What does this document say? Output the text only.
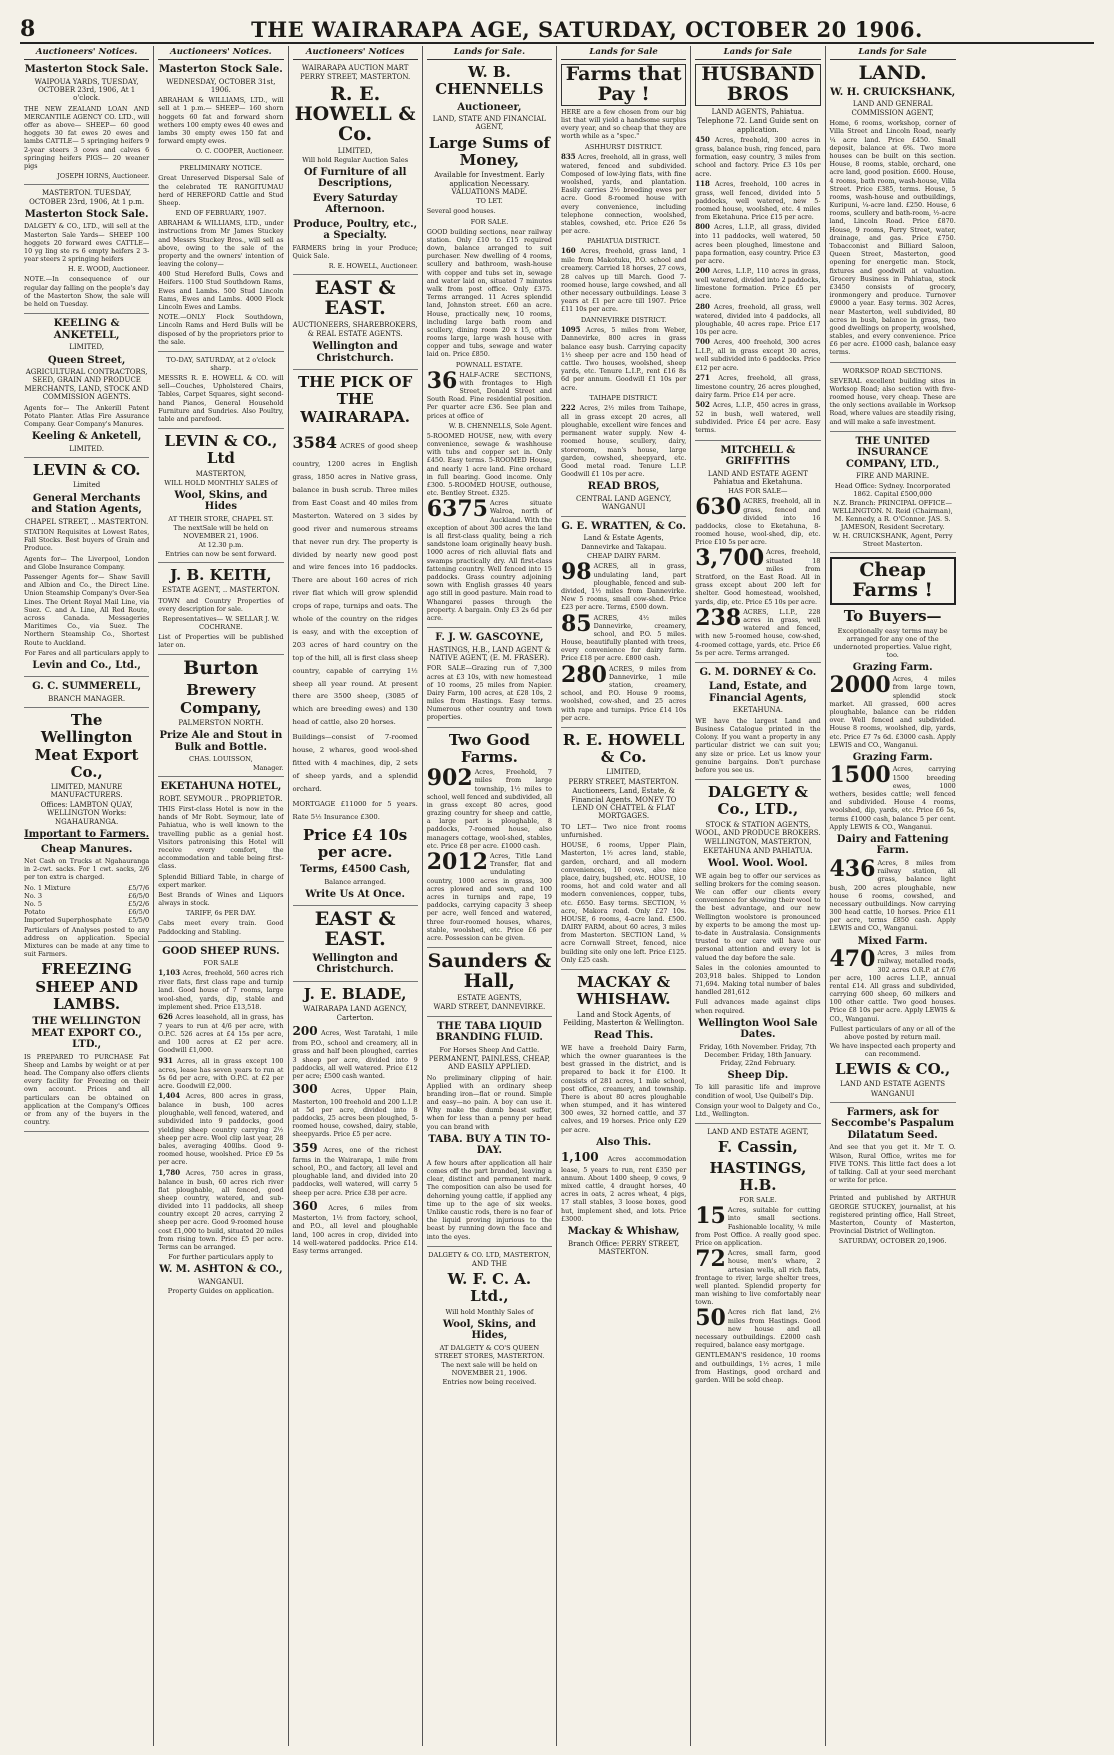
8	THE WAIRARAPA AGE, SATURDAY, OCTOBER 20 1906.
Auctioneers' Notices.
Masterton Stock Sale.
WAIPOUA YARDS, TUESDAY, OCTOBER 23rd, 1906, At 1 o'clock.
THE NEW ZEALAND LOAN AND MERCANTILE AGENCY CO. LTD., will offer as above— SHEEP— 60 good hoggets 30 fat ewes 20 ewes and lambs CATTLE— 5 springing heifers 9 2-year steers 3 cows and calves 6 springing heifers PIGS— 20 weaner pigs
JOSEPH IORNS, Auctioneer.
MASTERTON. TUESDAY, OCTOBER 23rd, 1906, At 1 p.m.
Masterton Stock Sale.
DALGETY & CO., LTD., will sell at the Masterton Sale Yards— SHEEP 100 hoggets 20 forward ewes CATTLE— 10 yg ling ste rs 6 empty heifers 2 3-year steers 2 springing heifers
H. E. WOOD, Auctioneer.
NOTE.—In consequence of our regular day falling on the people's day of the Masterton Show, the sale will be held on Tuesday.
KEELING & ANKETELL,
LIMITED,
Queen Street,
AGRICULTURAL CONTRACTORS, SEED, GRAIN AND PRODUCE MERCHANTS, LAND, STOCK AND COMMISSION AGENTS.
Agents for— The Ankerill Patent Potato Planter. Atlas Fire Assurance Company. Gear Company's Manures.
Keeling & Anketell,
LIMITED.
LEVIN & CO.
Limited
General Merchants and Station Agents,
CHAPEL STREET, .. MASTERTON.
STATION Requisites at Lowest Rates, Fall Stocks. Best buyers of Grain and Produce.
Agents for— The Liverpool, London and Globe Insurance Company.
Passenger Agents for— Shaw Savill and Albion and Co., the Direct Line. Union Steamship Company's Over-Sea Lines. The Orient Royal Mail Line, via Suez. C. and A. Line, All Red Route, across Canada. Messageries Maritimes Co., via Suez. The Northern Steamship Co., Shortest Route to Auckland.
For Fares and all particulars apply to
Levin and Co., Ltd.,
G. C. SUMMERELL,
BRANCH MANAGER.
The Wellington Meat Export Co.,
LIMITED, MANURE MANUFACTURERS.
Offices: LAMBTON QUAY, WELLINGTON Works: NGAHAURANGA.
Important to Farmers.
Cheap Manures.
Net Cash on Trucks at Ngahauranga in 2-cwt. sacks. For 1 cwt. sacks, 2/6 per ton extra is charged.
No. 1 Mixture	£5/7/6
No. 3	£6/5/0
No. 5	£5/2/6
Potato	£6/5/0
Imported Superphosphate £5/5/0
Particulars of Analyses posted to any address on application. Special Mixtures can be made at any time to suit Farmers.
FREEZING SHEEP AND LAMBS.
THE WELLINGTON MEAT EXPORT CO., LTD.,
IS PREPARED TO PURCHASE Fat Sheep and Lambs by weight or at per head. The Company also offers clients every facility for Freezing on their own account. Prices and all particulars can be obtained on application at the Company's Offices or from any of the buyers in the country.
Auctioneers' Notices.
Masterton Stock Sale.
WEDNESDAY, OCTOBER 31st, 1906.
ABRAHAM & WILLIAMS, LTD., will sell at 1 p.m.— SHEEP— 160 shorn hoggets 60 fat and forward shorn wethers 100 empty ewes 40 ewes and lambs 30 empty ewes 150 fat and forward empty ewes.
O. C. COOPER, Auctioneer.
PRELIMINARY NOTICE.
Great Unreserved Dispersal Sale of the celebrated TE RANGITUMAU herd of HEREFORD Cattle and Stud Sheep.
END OF FEBRUARY, 1907.
ABRAHAM & WILLIAMS, LTD., under instructions from Mr James Stuckey and Messrs Stuckey Bros., will sell as above, owing to the sale of the property and the owners' intention of leaving the colony—
400 Stud Hereford Bulls, Cows and Heifers. 1100 Stud Southdown Rams, Ewes and Lambs. 500 Stud Lincoln Rams, Ewes and Lambs. 4000 Flock Lincoln Ewes and Lambs.
NOTE.—ONLY Flock Southdown, Lincoln Rams and Herd Bulls will be disposed of by the proprietors prior to the sale.
TO-DAY, SATURDAY, at 2 o'clock sharp.
MESSRS R. E. HOWELL & CO. will sell—Couches, Upholstered Chairs, Tables, Carpet Squares, sight second-hand Pianos, General Household Furniture and Sundries. Also Poultry, table and parefood.
LEVIN & CO., Ltd
MASTERTON,
WILL HOLD MONTHLY SALES of
Wool, Skins, and Hides
AT THEIR STORE, CHAPEL ST.
The nextSale will be held on NOVEMBER 21, 1906.
At 12.30 p.m.
Entries can now be sent forward.
J. B. KEITH,
ESTATE AGENT, .. MASTERTON.
TOWN and Country Properties of every description for sale.
Representatives— W. SELLAR J. W. COCHRANE.
List of Properties will be published later on.
Burton
Brewery Company,
PALMERSTON NORTH.
Prize Ale and Stout in Bulk and Bottle.
CHAS. LOUISSON,
Manager.
EKETAHUNA HOTEL,
ROBT. SEYMOUR .. PROPRIETOR.
THIS First-class Hotel is now in the hands of Mr Robt. Seymour, late of Pahiatua, who is well known to the travelling public as a genial host. Visitors patronising this Hotel will receive every comfort, the accommodation and table being first-class.
Splendid Billiard Table, in charge of expert marker.
Best Brands of Wines and Liquors always in stock.
TARIFF, 6s PER DAY.
Cabs meet every train. Good Paddocking and Stabling.
GOOD SHEEP RUNS.
FOR SALE
1,103 Acres, freehold, 560 acres rich river flats, first class rape and turnip land. Good house of 7 rooms, large wool-shed, yards, dip, stable and implement shed. Price £13,518.
626 Acres leasehold, all in grass, has 7 years to run at 4/6 per acre, with O.P.C. 526 acres at £4 15s per acre, and 100 acres at £2 per acre. Goodwill £1,000.
931 Acres, all in grass except 100 acres, lease has seven years to run at 5s 6d per acre, with O.P.C. at £2 per acre. Goodwill £2,000.
1,404 Acres, 800 acres in grass, balance in bush, 100 acres ploughable, well fenced, watered, and subdivided into 9 paddocks, good yielding sheep country carrying 2½ sheep per acre. Wool clip last year, 28 bales, averaging 400lbs. Good 9-roomed house, woolshed. Price £9 5s per acre.
1,780 Acres, 750 acres in grass, balance in bush, 60 acres rich river flat ploughable, all fenced, good sheep country, watered, and sub-divided into 11 paddocks, all sheep country except 20 acres, carrying 2 sheep per acre. Good 9-roomed house cost £1,000 to build, situated 20 miles from rising town. Price £5 per acre. Terms can be arranged.
For further particulars apply to
W. M. ASHTON & CO.,
WANGANUI.
Property Guides on application.
Auctioneers' Notices
WAIRARAPA AUCTION MART
PERRY STREET, MASTERTON.
R. E. HOWELL & Co.
LIMITED,
Will hold Regular Auction Sales
Of Furniture of all Descriptions,
Every Saturday Afternoon.
Produce, Poultry, etc., a Specialty.
FARMERS bring in your Produce; Quick Sale.
R. E. HOWELL, Auctioneer.
EAST & EAST.
AUCTIONEERS, SHAREBROKERS, & REAL ESTATE AGENTS.
Wellington and Christchurch.
THE PICK OF THE WAIRARAPA.
3584 ACRES of good sheep country, 1200 acres in English grass, 1850 acres in Native grass, balance in bush scrub. Three miles from East Coast and 40 miles from Masterton. Watered on 3 sides by good river and numerous streams that never run dry. The property is divided by nearly new good post and wire fences into 16 paddocks. There are about 160 acres of rich river flat which will grow splendid crops of rape, turnips and oats. The whole of the country on the ridges is easy, and with the exception of 203 acres of hard country on the top of the hill, all is first class sheep country, capable of carrying 1½ sheep all year round. At present there are 3500 sheep, (3085 of which are breeding ewes) and 130 head of cattle, also 20 horses.
Buildings—consist of 7-roomed house, 2 whares, good wool-shed fitted with 4 machines, dip, 2 sets of sheep yards, and a splendid orchard.
MORTGAGE £11000 for 5 years. Rate 5½ Insurance £300.
Price £4 10s per acre.
Terms, £4500 Cash,
Balance arranged.
Write Us At Once.
EAST & EAST.
Wellington and Christchurch.
J. E. BLADE,
WAIRARAPA LAND AGENCY, Carterton.
200 Acres, West Taratahi, 1 mile from P.O., school and creamery, all in grass and half been ploughed, carries 3 sheep per acre, divided into 9 paddocks, all well watered. Price £12 per acre; £500 cash wanted.
300 Acres, Upper Plain, Masterton, 100 freehold and 200 L.I.P. at 5d per acre, divided into 8 paddocks, 25 acres been ploughed, 5-roomed house, cowshed, dairy, stable, sheepyards. Price £5 per acre.
359 Acres, one of the richest farms in the Wairarapa, 1 mile from school, P.O., and factory, all level and ploughable land, and divided into 20 paddocks, well watered, will carry 5 sheep per acre. Price £38 per acre.
360 Acres, 6 miles from Masterton, 1½ from factory, school, and P.O., all level and ploughable land, 100 acres in crop, divided into 14 well-watered paddocks. Price £14. Easy terms arranged.
Lands for Sale.
W. B. CHENNELLS
Auctioneer,
LAND, STATE AND FINANCIAL AGENT,
Large Sums of Money,
Available for Investment. Early application Necessary. VALUATIONS MADE.
TO LET.
Several good houses.
FOR SALE.
GOOD building sections, near railway station. Only £10 to £15 required down, balance arranged to suit purchaser. New dwelling of 4 rooms, scullery and bathroom, wash-house with copper and tubs set in, sewage and water laid on, situated 7 minutes walk from post office. Only £375. Terms arranged. 11 Acres splendid land, Johnston street. £60 an acre. House, practically new, 10 rooms, including large bath room and scullery, dining room 20 x 15, other rooms large, large wash house with copper and tubs, sewage and water laid on. Price £850.
POWNALL ESTATE.
36 HALF-ACRE SECTIONS, with frontages to High Street, Donald Street and South Road. Fine residential position. Per quarter acre £36. See plan and prices at office of
W. B. CHENNELLS, Sole Agent.
5-ROOMED HOUSE, new, with every convenience, sewage & washhouse with tubs and copper set in. Only £450. Easy terms. 5-ROOMED House, and nearly 1 acre land. Fine orchard in full bearing. Good income. Only £300. 5-ROOMED HOUSE, outhouse, etc. Bentley Street. £325.
6375 Acres situate Walroa, north of Auckland. With the exception of about 300 acres the land is all first-class quality, being a rich sandstone loam originally heavy bush. 1000 acres of rich alluvial flats and swamps practically dry. All first-class fattening country. Well fenced into 15 paddocks. Grass country adjoining sown with English grasses 40 years ago still in good pasture. Main road to Whangarei passes through the property. A bargain. Only £3 2s 6d per acre.
F. J. W. GASCOYNE,
HASTINGS, H.B., LAND AGENT & NATIVE AGENT, (E. M. FRASER).
FOR SALE—Grazing run of 7,300 acres at £3 10s, with new homestead of 10 rooms, 25 miles from Napier. Dairy Farm, 100 acres, at £28 10s, 2 miles from Hastings. Easy terms. Numerous other country and town properties.
Two Good Farms.
902 Acres, Freehold, 7 miles from large township, 1½ miles to school, well fenced and subdivided, all in grass except 80 acres, good grazing country for sheep and cattle, a large part is ploughable, 8 paddocks, 7-roomed house, also managers cottage, wool-shed, stables, etc. Price £8 per acre. £1000 cash.
2012 Acres, Title Land Transfer, flat and undulating country, 1000 acres in grass, 300 acres plowed and sown, and 100 acres in turnips and rape, 19 paddocks, carrying capacity 3 sheep per acre, well fenced and watered, three four-roomed houses, whares, stable, woolshed, etc. Price £6 per acre. Possession can be given.
Saunders & Hall,
ESTATE AGENTS,
WARD STREET, DANNEVIRKE.
THE TABA LIQUID BRANDING FLUID.
For Horses Sheep And Cattle.
PERMANENT, PAINLESS, CHEAP, AND EASILY APPLIED.
No preliminary clipping of hair. Applied with an ordinary sheep branding iron—flat or round. Simple and easy—no pain. A boy can use it. Why make the dumb beast suffer, when for less than a penny per head you can brand with
TABA. BUY A TIN TO-DAY.
A few hours after application all hair comes off the part branded, leaving a clear, distinct and permanent mark. The composition can also be used for dehorning young cattle, if applied any time up to the age of six weeks. Unlike caustic rods, there is no fear of the liquid proving injurious to the beast by running down the face and into the eyes.
DALGETY & CO. LTD, MASTERTON,
AND THE
W. F. C. A. Ltd.,
Will hold Monthly Sales of
Wool, Skins, and Hides,
AT DALGETY & CO'S QUEEN STREET STORES, MASTERTON.
The next sale will be held on NOVEMBER 21, 1906.
Entries now being received.
Lands for Sale
Farms that Pay !
HERE are a few chosen from our big list that will yield a handsome surplus every year, and so cheap that they are worth while as a "spec."
ASHHURST DISTRICT.
835 Acres, freehold, all in grass, well watered, fenced and subdivided. Composed of low-lying flats, with fine woolshed, yards, and plantation. Easily carries 2½ breeding ewes per acre. Good 8-roomed house with every convenience, including telephone connection, woolshed, stables, cowshed, etc. Price £26 5s per acre.
PAHIATUA DISTRICT.
160 Acres, freehold, grass land, 1 mile from Makotuku, P.O. school and creamery. Carried 18 horses, 27 cows, 28 calves up till March. Good 7-roomed house, large cowshed, and all other necessary outbuildings. Lease 3 years at £1 per acre till 1907. Price £11 10s per acre.
DANNEVIRKE DISTRICT.
1095 Acres, 5 miles from Weber, Dannevirke, 800 acres in grass balance easy bush. Carrying capacity 1½ sheep per acre and 150 head of cattle. Two houses, woolshed, sheep yards, etc. Tenure L.I.P., rent £16 8s 6d per annum. Goodwill £1 10s per acre.
TAIHAPE DISTRICT.
222 Acres, 2½ miles from Taihape, all in grass except 20 acres, all ploughable, excellent wire fences and permanent water supply. New 4-roomed house, scullery, dairy, storeroom, man's house, large garden, cowshed, sheepyard, etc. Good metal road. Tenure L.I.P. Goodwill £1 10s per acre.
READ BROS,
CENTRAL LAND AGENCY, WANGANUI
G. E. WRATTEN, & Co.
Land & Estate Agents,
Dannevirke and Takapau.
CHEAP DAIRY FARM.
98 ACRES, all in grass, undulating land, part ploughable, fenced and sub-divided, 1½ miles from Dannevirke. New 5 rooms, small cow-shed. Price £23 per acre. Terms, £500 down.
85 ACRES, 4½ miles Dannevirke, creamery, school, and P.O. 5 miles. House, beautifully planted with trees, every convenience for dairy farm. Price £18 per acre. £800 cash.
280 ACRES, 9 miles from Dannevirke, 1 mile station, creamery, school, and P.O. House 9 rooms, woolshed, cow-shed, and 25 acres with rape and turnips. Price £14 10s per acre.
R. E. HOWELL & Co.
LIMITED,
PERRY STREET, MASTERTON.
Auctioneers, Land, Estate, & Financial Agents. MONEY TO LEND ON CHATTEL & FLAT MORTGAGES.
TO LET— Two nice front rooms unfurnished.
HOUSE, 6 rooms, Upper Plain, Masterton, 1½ acres land, stable, garden, orchard, and all modern conveniences, 10 cows, also nice place, dairy, bugshed, etc. HOUSE, 10 rooms, hot and cold water and all modern conveniences, copper, tubs, etc. £650. Easy terms. SECTION, ½ acre, Makora road. Only £27 10s. HOUSE, 6 rooms, 4-acre land. £500. DAIRY FARM, about 60 acres, 3 miles from Masterton. SECTION Land, ¼ acre Cornwall Street, fenced, nice building site only one left. Price £125. Only £25 cash.
MACKAY & WHISHAW.
Land and Stock Agents, of Feilding, Masterton & Wellington.
Read This.
WE have a freehold Dairy Farm, which the owner guarantees is the best grassed in the district, and is prepared to back it for £100. It consists of 281 acres, 1 mile school, post office, creamery, and township. There is about 80 acres ploughable when stumped, and it has wintered 300 ewes, 32 horned cattle, and 37 calves, and 19 horses. Price only £29 per acre.
Also This.
1,100 Acres accommodation lease, 5 years to run, rent £350 per annum. About 1400 sheep, 9 cows, 9 mixed cattle, 4 draught horses, 40 acres in oats, 2 acres wheat, 4 pigs, 17 stall stables, 3 loose boxes, good hut, implement shed, and lots. Price £3000.
Mackay & Whishaw,
Branch Office: PERRY STREET, MASTERTON.
Lands for Sale
HUSBAND BROS
LAND AGENTS, Pahiatua.
Telephone 72. Land Guide sent on application.
450 Acres, freehold, 300 acres in grass, balance bush, ring fenced, para formation, easy country, 3 miles from school and factory. Price £3 10s per acre.
118 Acres, freehold, 100 acres in grass, well fenced, divided into 5 paddocks, well watered, new 5-roomed house, woolshed, etc. 4 miles from Eketahuna. Price £15 per acre.
800 Acres, L.I.P., all grass, divided into 11 paddocks, well watered, 50 acres been ploughed, limestone and papa formation, easy country. Price £3 per acre.
200 Acres, L.I.P., 110 acres in grass, well watered, divided into 2 paddocks, limestone formation. Price £5 per acre.
280 Acres, freehold, all grass, well watered, divided into 4 paddocks, all ploughable, 40 acres rape. Price £17 10s per acre.
700 Acres, 400 freehold, 300 acres L.I.P., all in grass except 30 acres, well subdivided into 6 paddocks. Price £12 per acre.
271 Acres, freehold, all grass, limestone country, 26 acres ploughed, dairy farm. Price £14 per acre.
502 Acres, L.I.P., 450 acres in grass, 52 in bush, well watered, well subdivided. Price £4 per acre. Easy terms.
MITCHELL & GRIFFITHS
LAND AND ESTATE AGENT Pahiatua and Eketahuna.
HAS FOR SALE—
630 ACRES, freehold, all in grass, fenced and divided into 16 paddocks, close to Eketahuna, 8-roomed house, wool-shed, dip, etc. Price £10 5s per acre.
3,700 Acres, freehold, situated 18 miles from Stratford, on the East Road. All in grass except about 200 left for shelter. Good homestead, woolshed, yards, dip, etc. Price £5 10s per acre.
238 ACRES, L.I.P., 228 acres in grass, well watered and fenced, with new 5-roomed house, cow-shed, 4-roomed cottage, yards, etc. Price £6 5s per acre. Terms arranged.
G. M. DORNEY & Co.
Land, Estate, and Financial Agents,
EKETAHUNA.
WE have the largest Land and Business Catalogue printed in the Colony. If you want a property in any particular district we can suit you; any size or price. Let us know your genuine bargains. Don't purchase before you see us.
DALGETY & Co., LTD.,
STOCK & STATION AGENTS, WOOL, AND PRODUCE BROKERS.
WELLINGTON, MASTERTON, EKETAHUNA AND PAHIATUA.
Wool. Wool. Wool.
WE again beg to offer our services as selling brokers for the coming season. We can offer our clients every convenience for showing their wool to the best advantage, and our new Wellington woolstore is pronounced by experts to be among the most up-to-date in Australasia. Consignments trusted to our care will have our personal attention and every lot is valued the day before the sale.
Sales in the colonies amounted to 203,918 bales. Shipped to London 71,694. Making total number of bales handled 281,612
Full advances made against clips when required.
Wellington Wool Sale Dates.
Friday, 16th November. Friday, 7th December. Friday, 18th January. Friday, 22nd February.
Sheep Dip.
To kill parasitic life and improve condition of wool, Use Quibell's Dip.
Consign your wool to Dalgety and Co., Ltd., Wellington.
LAND AND ESTATE AGENT,
F. Cassin,
HASTINGS, H.B.
FOR SALE.
15 Acres, suitable for cutting into small sections. Fashionable locality, ¼ mile from Post Office. A really good spec. Price on application.
72 Acres, small farm, good house, men's whare, 2 artesian wells, all rich flats, frontage to river, large shelter trees, well planted. Splendid property for man wishing to live comfortably near town.
50 Acres rich flat land, 2½ miles from Hastings. Good new house and all necessary outbuildings. £2000 cash required, balance easy mortgage.
GENTLEMAN'S residence, 10 rooms and outbuildings, 1½ acres, 1 mile from Hastings, good orchard and garden. Will be sold cheap.
Lands for Sale
LAND.
W. H. CRUICKSHANK,
LAND AND GENERAL COMMISSION AGENT,
Home, 6 rooms, workshop, corner of Villa Street and Lincoln Road, nearly ¼ acre land. Price £450. Small deposit, balance at 6%. Two more houses can be built on this section. House, 8 rooms, stable, orchard, one acre land, good position. £600. House, 4 rooms, bath room, wash-house, Villa Street. Price £385, terms. House, 5 rooms, wash-house and outbuildings, Kuripuni, ¼-acre land. £250. House, 6 rooms, scullery and bath-room, ½-acre land, Lincoln Road. Price £870. House, 9 rooms, Perry Street, water, drainage, and gas. Price £750. Tobacconist and Billiard Saloon, Queen Street, Masterton, good opening for energetic man. Stock, fixtures and goodwill at valuation. Grocery Business in Pahiatua, stock £3450 consists of grocery, ironmongery and produce. Turnover £9000 a year. Easy terms. 302 Acres, near Masterton, well subdivided, 80 acres in bush, balance in grass, two good dwellings on property, woolshed, stables, and every convenience. Price £6 per acre. £1000 cash, balance easy terms.
WORKSOP ROAD SECTIONS.
SEVERAL excellent building sites in Worksop Road; also section with five-roomed house, very cheap. These are the only sections available in Worksop Road, where values are steadily rising, and will make a safe investment.
THE UNITED INSURANCE COMPANY, LTD.,
FIRE AND MARINE.
Head Office: Sydney. Incorporated 1862. Capital £500,000
N.Z. Branch: PRINCIPAL OFFICE—WELLINGTON. N. Reid (Chairman), M. Kennedy, a R. O'Connor. JAS. S. JAMESON, Resident Secretary.
W. H. CRUICKSHANK, Agent, Perry Street Masterton.
Cheap Farms !
To Buyers—
Exceptionally easy terms may be arranged for any one of the undernoted properties. Value right, too.
Grazing Farm.
2000 Acres, 4 miles from large town, splendid stock market. All grassed, 600 acres ploughable, balance can be ridden over. Well fenced and subdivided. House 8 rooms, woolshed, dip, yards, etc. Price £7 7s 6d. £3000 cash. Apply LEWIS and CO., Wanganui.
Grazing Farm.
1500 Acres, carrying 1500 breeding ewes, 1000 wethers, besides cattle; well fenced and subdivided. House 4 rooms, woolshed, dip, yards, etc. Price £6 5s, terms £1000 cash, balance 5 per cent. Apply LEWIS & CO., Wanganui.
Dairy and Fattening Farm.
436 Acres, 8 miles from railway station, all grass, balance light bush, 200 acres ploughable, new house 6 rooms, cowshed, and necessary outbuildings. Now carrying 300 head cattle, 10 horses. Price £11 per acre, terms £850 cash. Apply LEWIS and CO., Wanganui.
Mixed Farm.
470 Acres, 3 miles from railway, metalled roads, 302 acres O.R.P. at £7/6 per acre, 100 acres L.I.P., annual rental £14. All grass and subdivided, carrying 600 sheep, 60 milkers and 100 other cattle. Two good houses. Price £8 10s per acre. Apply LEWIS & CO., Wanganui.
Fullest particulars of any or all of the above posted by return mail.
We have inspected each property and can recommend.
LEWIS & CO.,
LAND AND ESTATE AGENTS
WANGANUI
Farmers, ask for Seccombe's Paspalum Dilatatum Seed.
And see that you get it. Mr T. O. Wilson, Rural Office, writes me for FIVE TONS. This little fact does a lot of talking. Call at your seed merchant or write for price.
Printed and published by ARTHUR GEORGE STUCKEY, journalist, at his registered printing office, Hall Street, Masterton, County of Masterton, Provincial District of Wellington.
SATURDAY, OCTOBER 20,1906.
